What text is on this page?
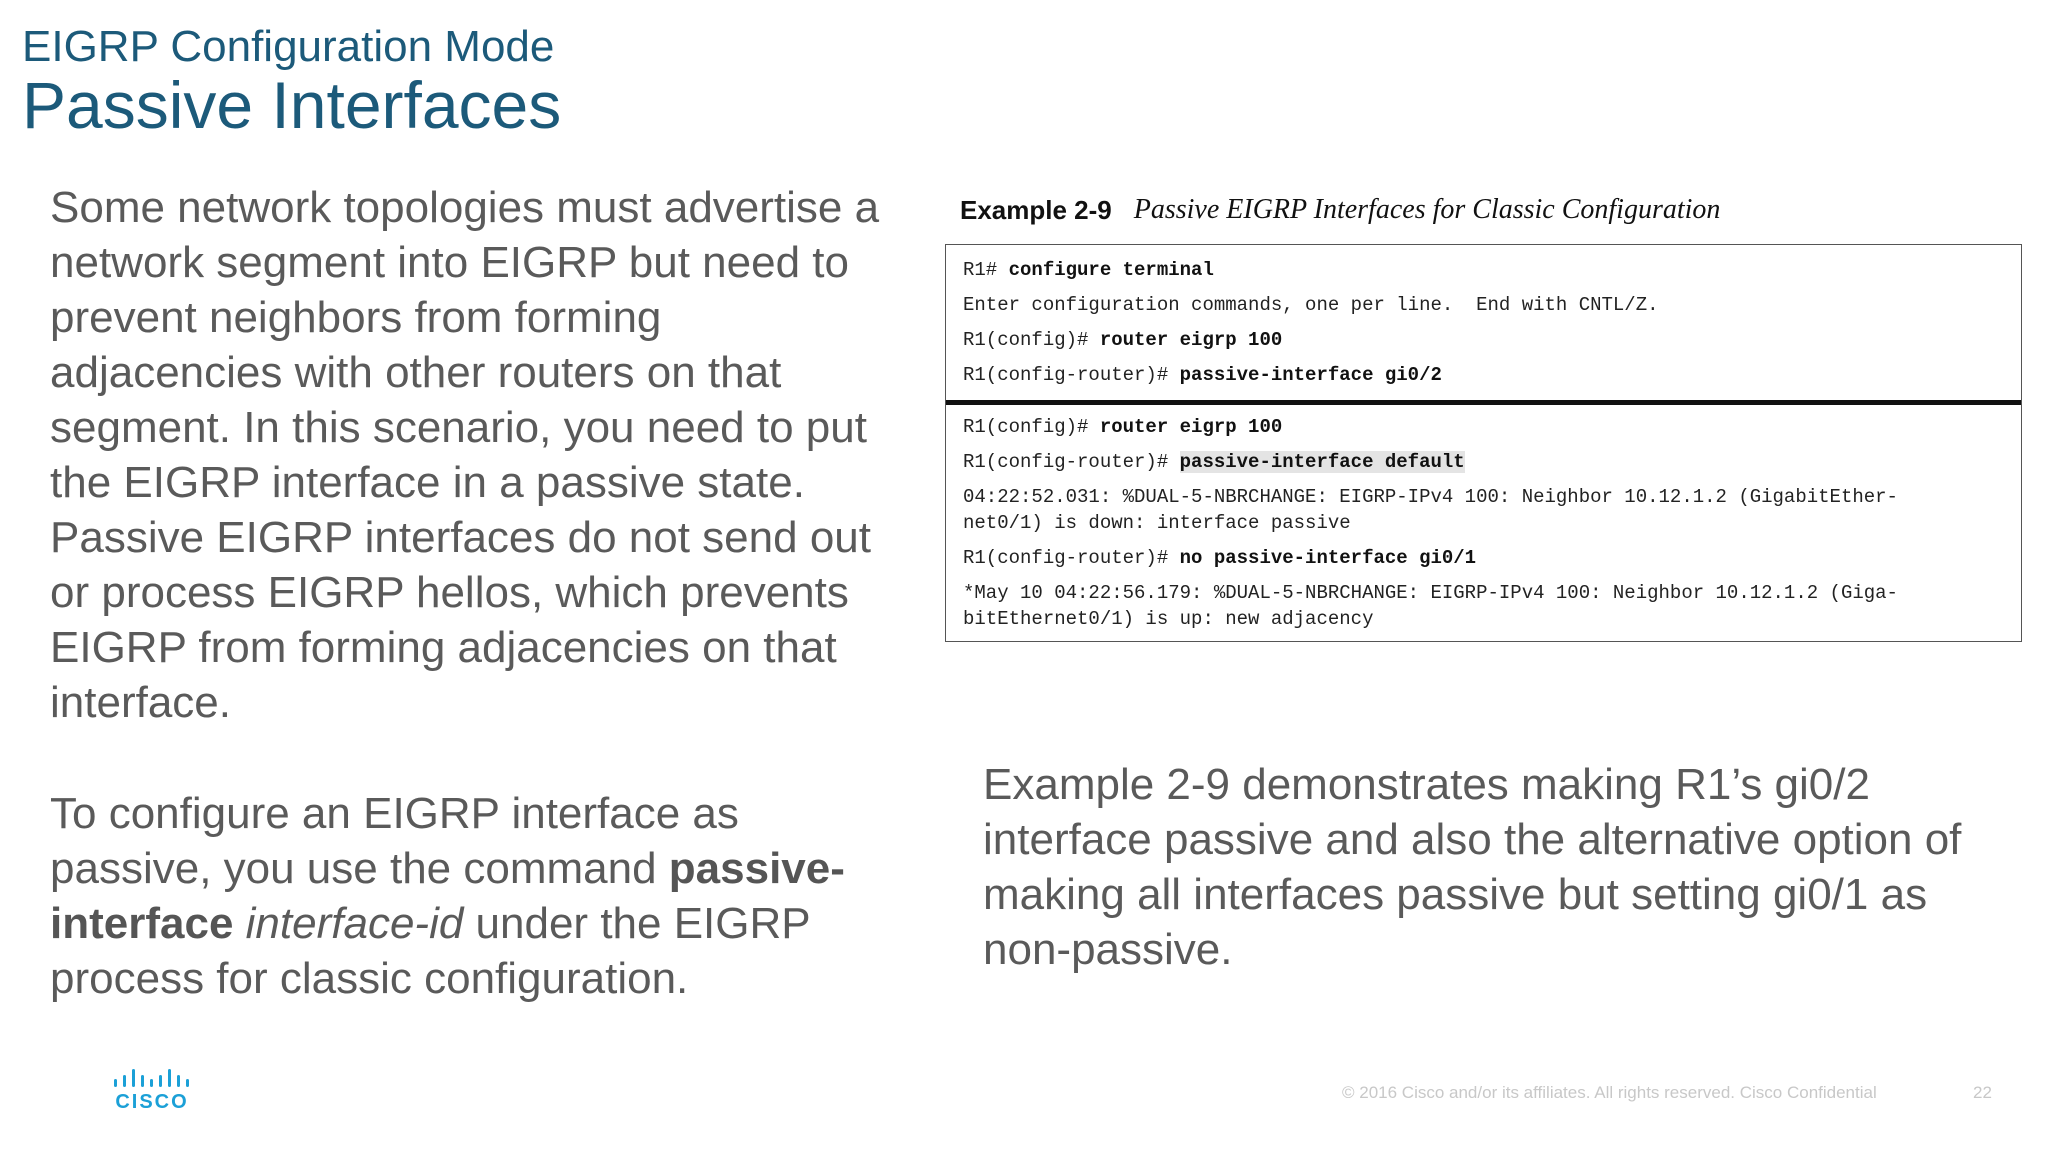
EIGRP Configuration Mode
Passive Interfaces
Some network topologies must advertise a network segment into EIGRP but need to prevent neighbors from forming adjacencies with other routers on that segment. In this scenario, you need to put the EIGRP interface in a passive state. Passive EIGRP interfaces do not send out or process EIGRP hellos, which prevents EIGRP from forming adjacencies on that interface.
To configure an EIGRP interface as passive, you use the command passive-interface interface-id under the EIGRP process for classic configuration.
Example 2-9 Passive EIGRP Interfaces for Classic Configuration
R1# configure terminal
Enter configuration commands, one per line.  End with CNTL/Z.
R1(config)# router eigrp 100
R1(config-router)# passive-interface gi0/2
R1(config)# router eigrp 100
R1(config-router)# passive-interface default
04:22:52.031: %DUAL-5-NBRCHANGE: EIGRP-IPv4 100: Neighbor 10.12.1.2 (GigabitEther-
net0/1) is down: interface passive
R1(config-router)# no passive-interface gi0/1
*May 10 04:22:56.179: %DUAL-5-NBRCHANGE: EIGRP-IPv4 100: Neighbor 10.12.1.2 (Giga-
bitEthernet0/1) is up: new adjacency
Example 2-9 demonstrates making R1’s gi0/2 interface passive and also the alternative option of making all interfaces passive but setting gi0/1 as non-passive.
CISCO	© 2016 Cisco and/or its affiliates. All rights reserved. Cisco Confidential	22
